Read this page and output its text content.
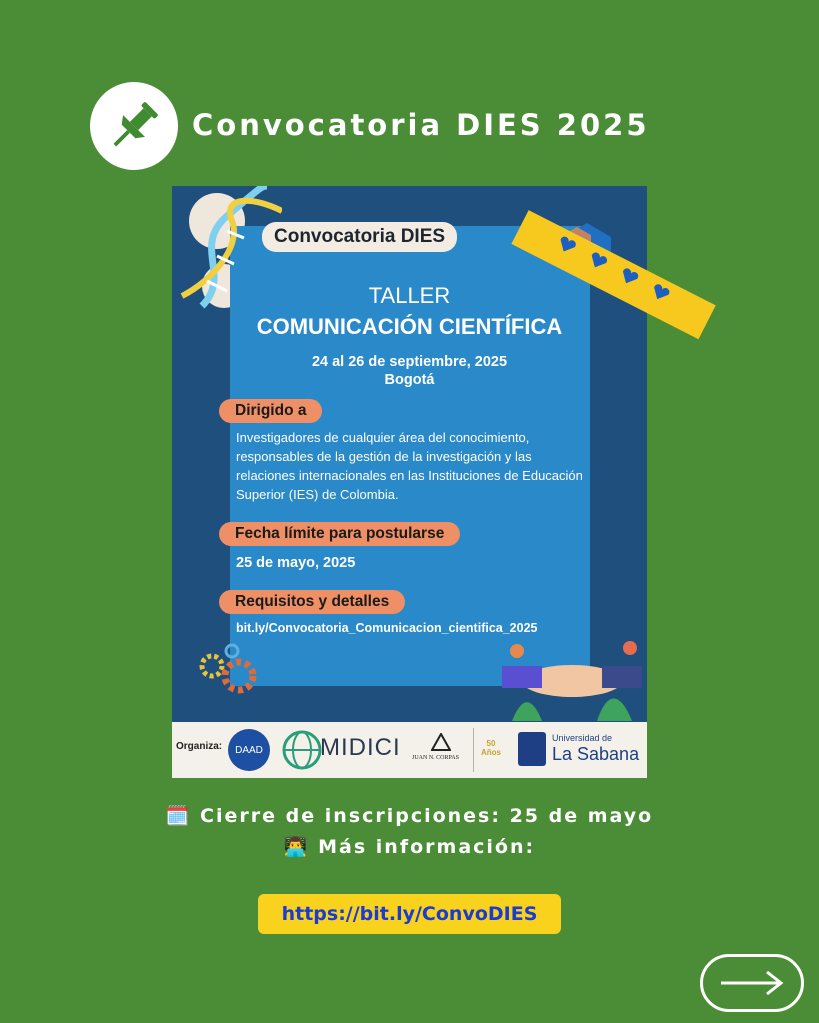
Convocatoria DIES 2025
Convocatoria DIES
TALLER
COMUNICACIÓN CIENTÍFICA
24 al 26 de septiembre, 2025
Bogotá
Dirigido a
Investigadores de cualquier área del conocimiento, responsables de la gestión de la investigación y las relaciones internacionales en las Instituciones de Educación Superior (IES) de Colombia.
Fecha límite para postularse
25 de mayo, 2025
Requisitos y detalles
bit.ly/Convocatoria_Comunicacion_cientifica_2025
Organiza:	DAAD MIDICI JUAN N. CORPAS
50 Años
Universidad de
La Sabana
🗓️ Cierre de inscripciones: 25 de mayo
👨‍💻 Más información:
https://bit.ly/ConvoDIES
